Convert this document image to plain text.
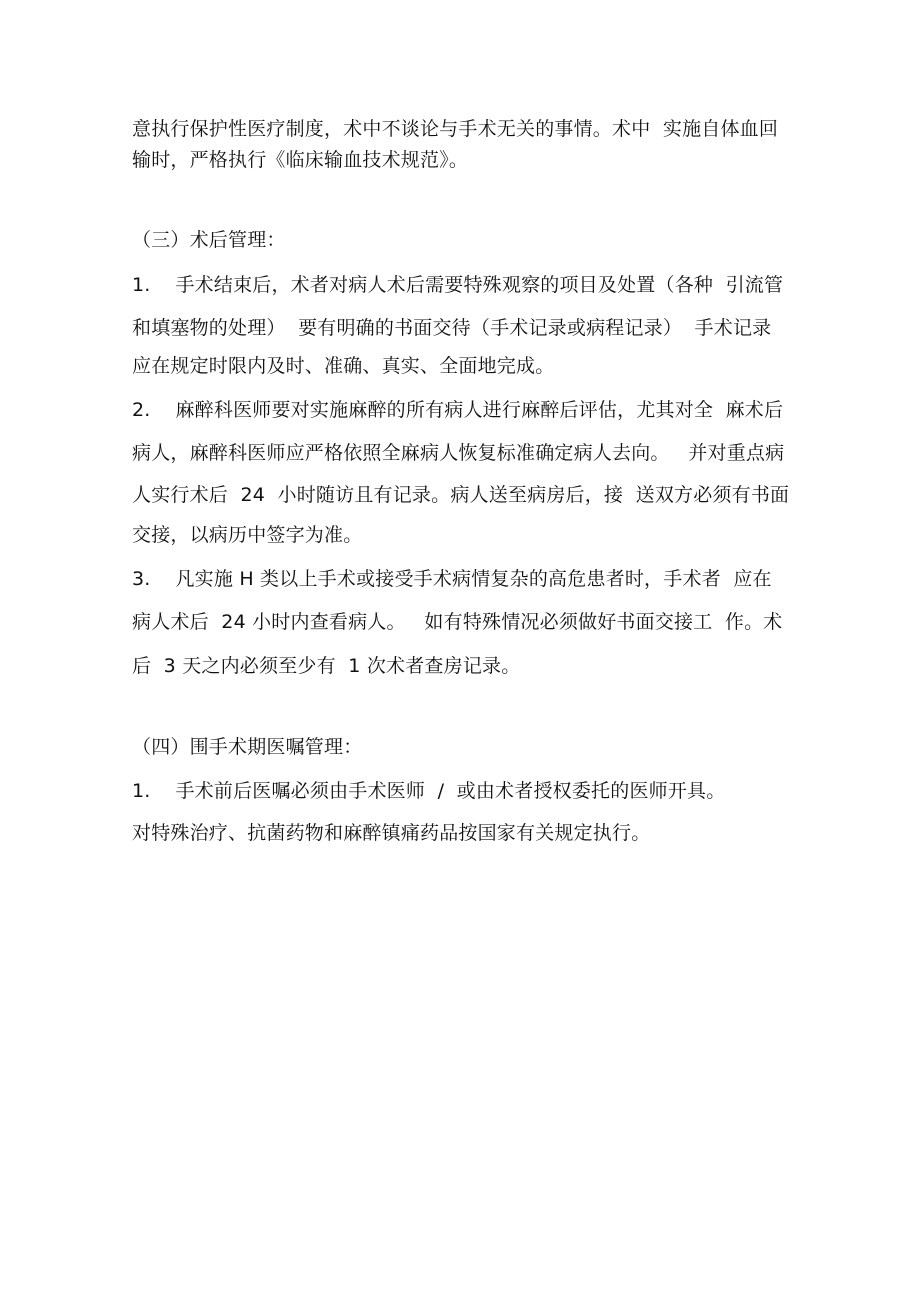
意执行保护性医疗制度，术中不谈论与手术无关的事情。术中  实施自体血回
输时，严格执行《临床输血技术规范》。
（三）术后管理：
1.    手术结束后，术者对病人术后需要特殊观察的项目及处置（各种  引流管
和填塞物的处理）  要有明确的书面交待（手术记录或病程记录）  手术记录
应在规定时限内及时、准确、真实、全面地完成。
2.    麻醉科医师要对实施麻醉的所有病人进行麻醉后评估，尤其对全  麻术后
病人，麻醉科医师应严格依照全麻病人恢复标准确定病人去向。   并对重点病
人实行术后  24  小时随访且有记录。病人送至病房后，接  送双方必须有书面
交接，以病历中签字为准。
3.    凡实施 H 类以上手术或接受手术病情复杂的高危患者时，手术者  应在
病人术后  24 小时内查看病人。   如有特殊情况必须做好书面交接工  作。术
后  3 天之内必须至少有  1 次术者查房记录。
（四）围手术期医嘱管理：
1.    手术前后医嘱必须由手术医师  /  或由术者授权委托的医师开具。
对特殊治疗、抗菌药物和麻醉镇痛药品按国家有关规定执行。
